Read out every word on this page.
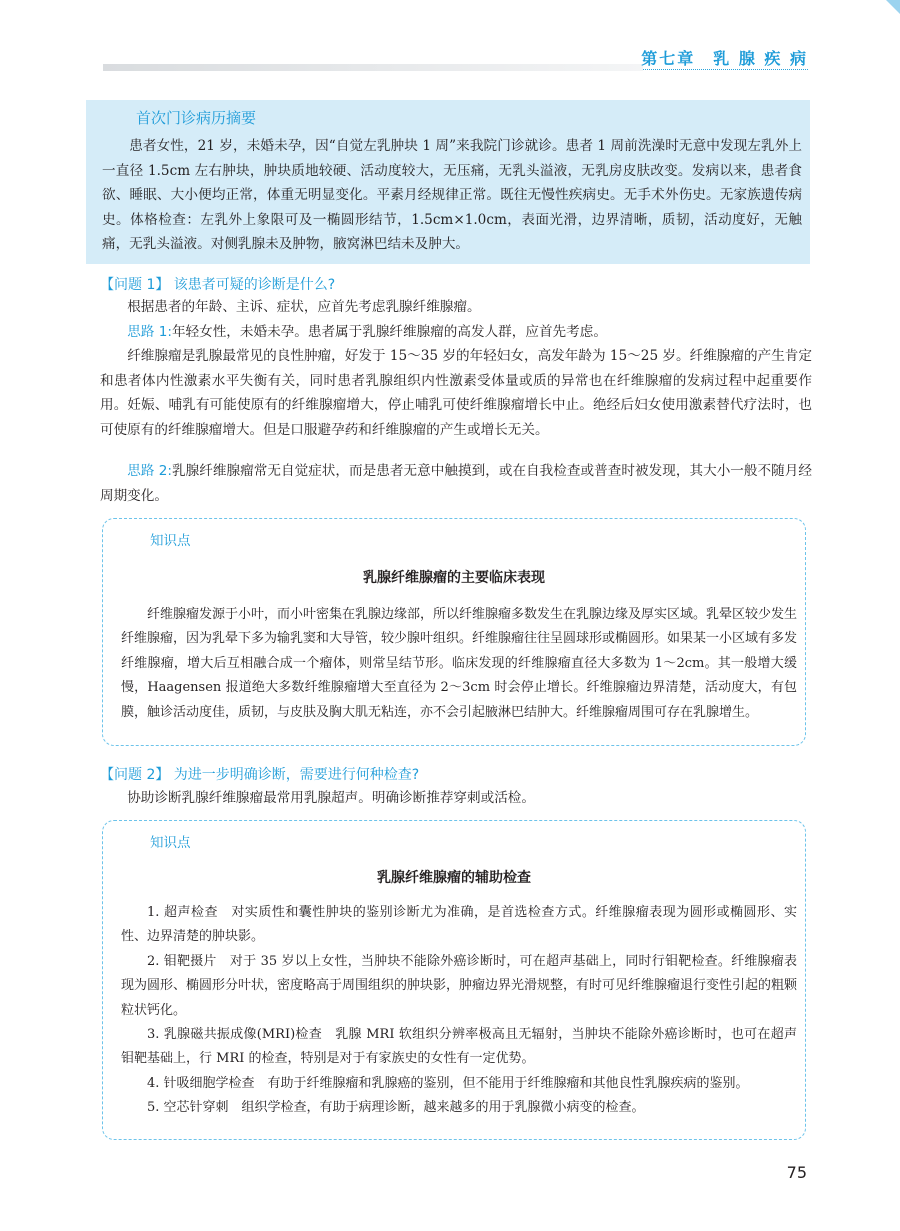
第七章　乳 腺 疾 病
首次门诊病历摘要
患者女性，21 岁，未婚未孕，因“自觉左乳肿块 1 周”来我院门诊就诊。患者 1 周前洗澡时无意中发现左乳外上一直径 1.5cm 左右肿块，肿块质地较硬、活动度较大，无压痛，无乳头溢液，无乳房皮肤改变。发病以来，患者食欲、睡眠、大小便均正常，体重无明显变化。平素月经规律正常。既往无慢性疾病史。无手术外伤史。无家族遗传病史。体格检查：左乳外上象限可及一椭圆形结节，1.5cm×1.0cm，表面光滑，边界清晰，质韧，活动度好，无触痛，无乳头溢液。对侧乳腺未及肿物，腋窝淋巴结未及肿大。
【问题 1】 该患者可疑的诊断是什么?
根据患者的年龄、主诉、症状，应首先考虑乳腺纤维腺瘤。
思路 1:年轻女性，未婚未孕。患者属于乳腺纤维腺瘤的高发人群，应首先考虑。
纤维腺瘤是乳腺最常见的良性肿瘤，好发于 15～35 岁的年轻妇女，高发年龄为 15～25 岁。纤维腺瘤的产生肯定和患者体内性激素水平失衡有关，同时患者乳腺组织内性激素受体量或质的异常也在纤维腺瘤的发病过程中起重要作用。妊娠、哺乳有可能使原有的纤维腺瘤增大，停止哺乳可使纤维腺瘤增长中止。绝经后妇女使用激素替代疗法时，也可使原有的纤维腺瘤增大。但是口服避孕药和纤维腺瘤的产生或增长无关。
思路 2:乳腺纤维腺瘤常无自觉症状，而是患者无意中触摸到，或在自我检查或普查时被发现，其大小一般不随月经周期变化。
知识点
乳腺纤维腺瘤的主要临床表现

纤维腺瘤发源于小叶，而小叶密集在乳腺边缘部，所以纤维腺瘤多数发生在乳腺边缘及厚实区域。乳晕区较少发生纤维腺瘤，因为乳晕下多为输乳窦和大导管，较少腺叶组织。纤维腺瘤往往呈圆球形或椭圆形。如果某一小区域有多发纤维腺瘤，增大后互相融合成一个瘤体，则常呈结节形。临床发现的纤维腺瘤直径大多数为 1～2cm。其一般增大缓慢，Haagensen 报道绝大多数纤维腺瘤增大至直径为 2～3cm 时会停止增长。纤维腺瘤边界清楚，活动度大，有包膜，触诊活动度佳，质韧，与皮肤及胸大肌无粘连，亦不会引起腋淋巴结肿大。纤维腺瘤周围可存在乳腺增生。

【问题 2】 为进一步明确诊断，需要进行何种检查?
协助诊断乳腺纤维腺瘤最常用乳腺超声。明确诊断推荐穿刺或活检。
知识点
乳腺纤维腺瘤的辅助检查

1. 超声检查　对实质性和囊性肿块的鉴别诊断尤为准确，是首选检查方式。纤维腺瘤表现为圆形或椭圆形、实性、边界清楚的肿块影。

2. 钼靶摄片　对于 35 岁以上女性，当肿块不能除外癌诊断时，可在超声基础上，同时行钼靶检查。纤维腺瘤表现为圆形、椭圆形分叶状，密度略高于周围组织的肿块影，肿瘤边界光滑规整，有时可见纤维腺瘤退行变性引起的粗颗粒状钙化。

3. 乳腺磁共振成像(MRI)检查　乳腺 MRI 软组织分辨率极高且无辐射，当肿块不能除外癌诊断时，也可在超声钼靶基础上，行 MRI 的检查，特别是对于有家族史的女性有一定优势。

4. 针吸细胞学检查　有助于纤维腺瘤和乳腺癌的鉴别，但不能用于纤维腺瘤和其他良性乳腺疾病的鉴别。

5. 空芯针穿刺　组织学检查，有助于病理诊断，越来越多的用于乳腺微小病变的检查。

75
